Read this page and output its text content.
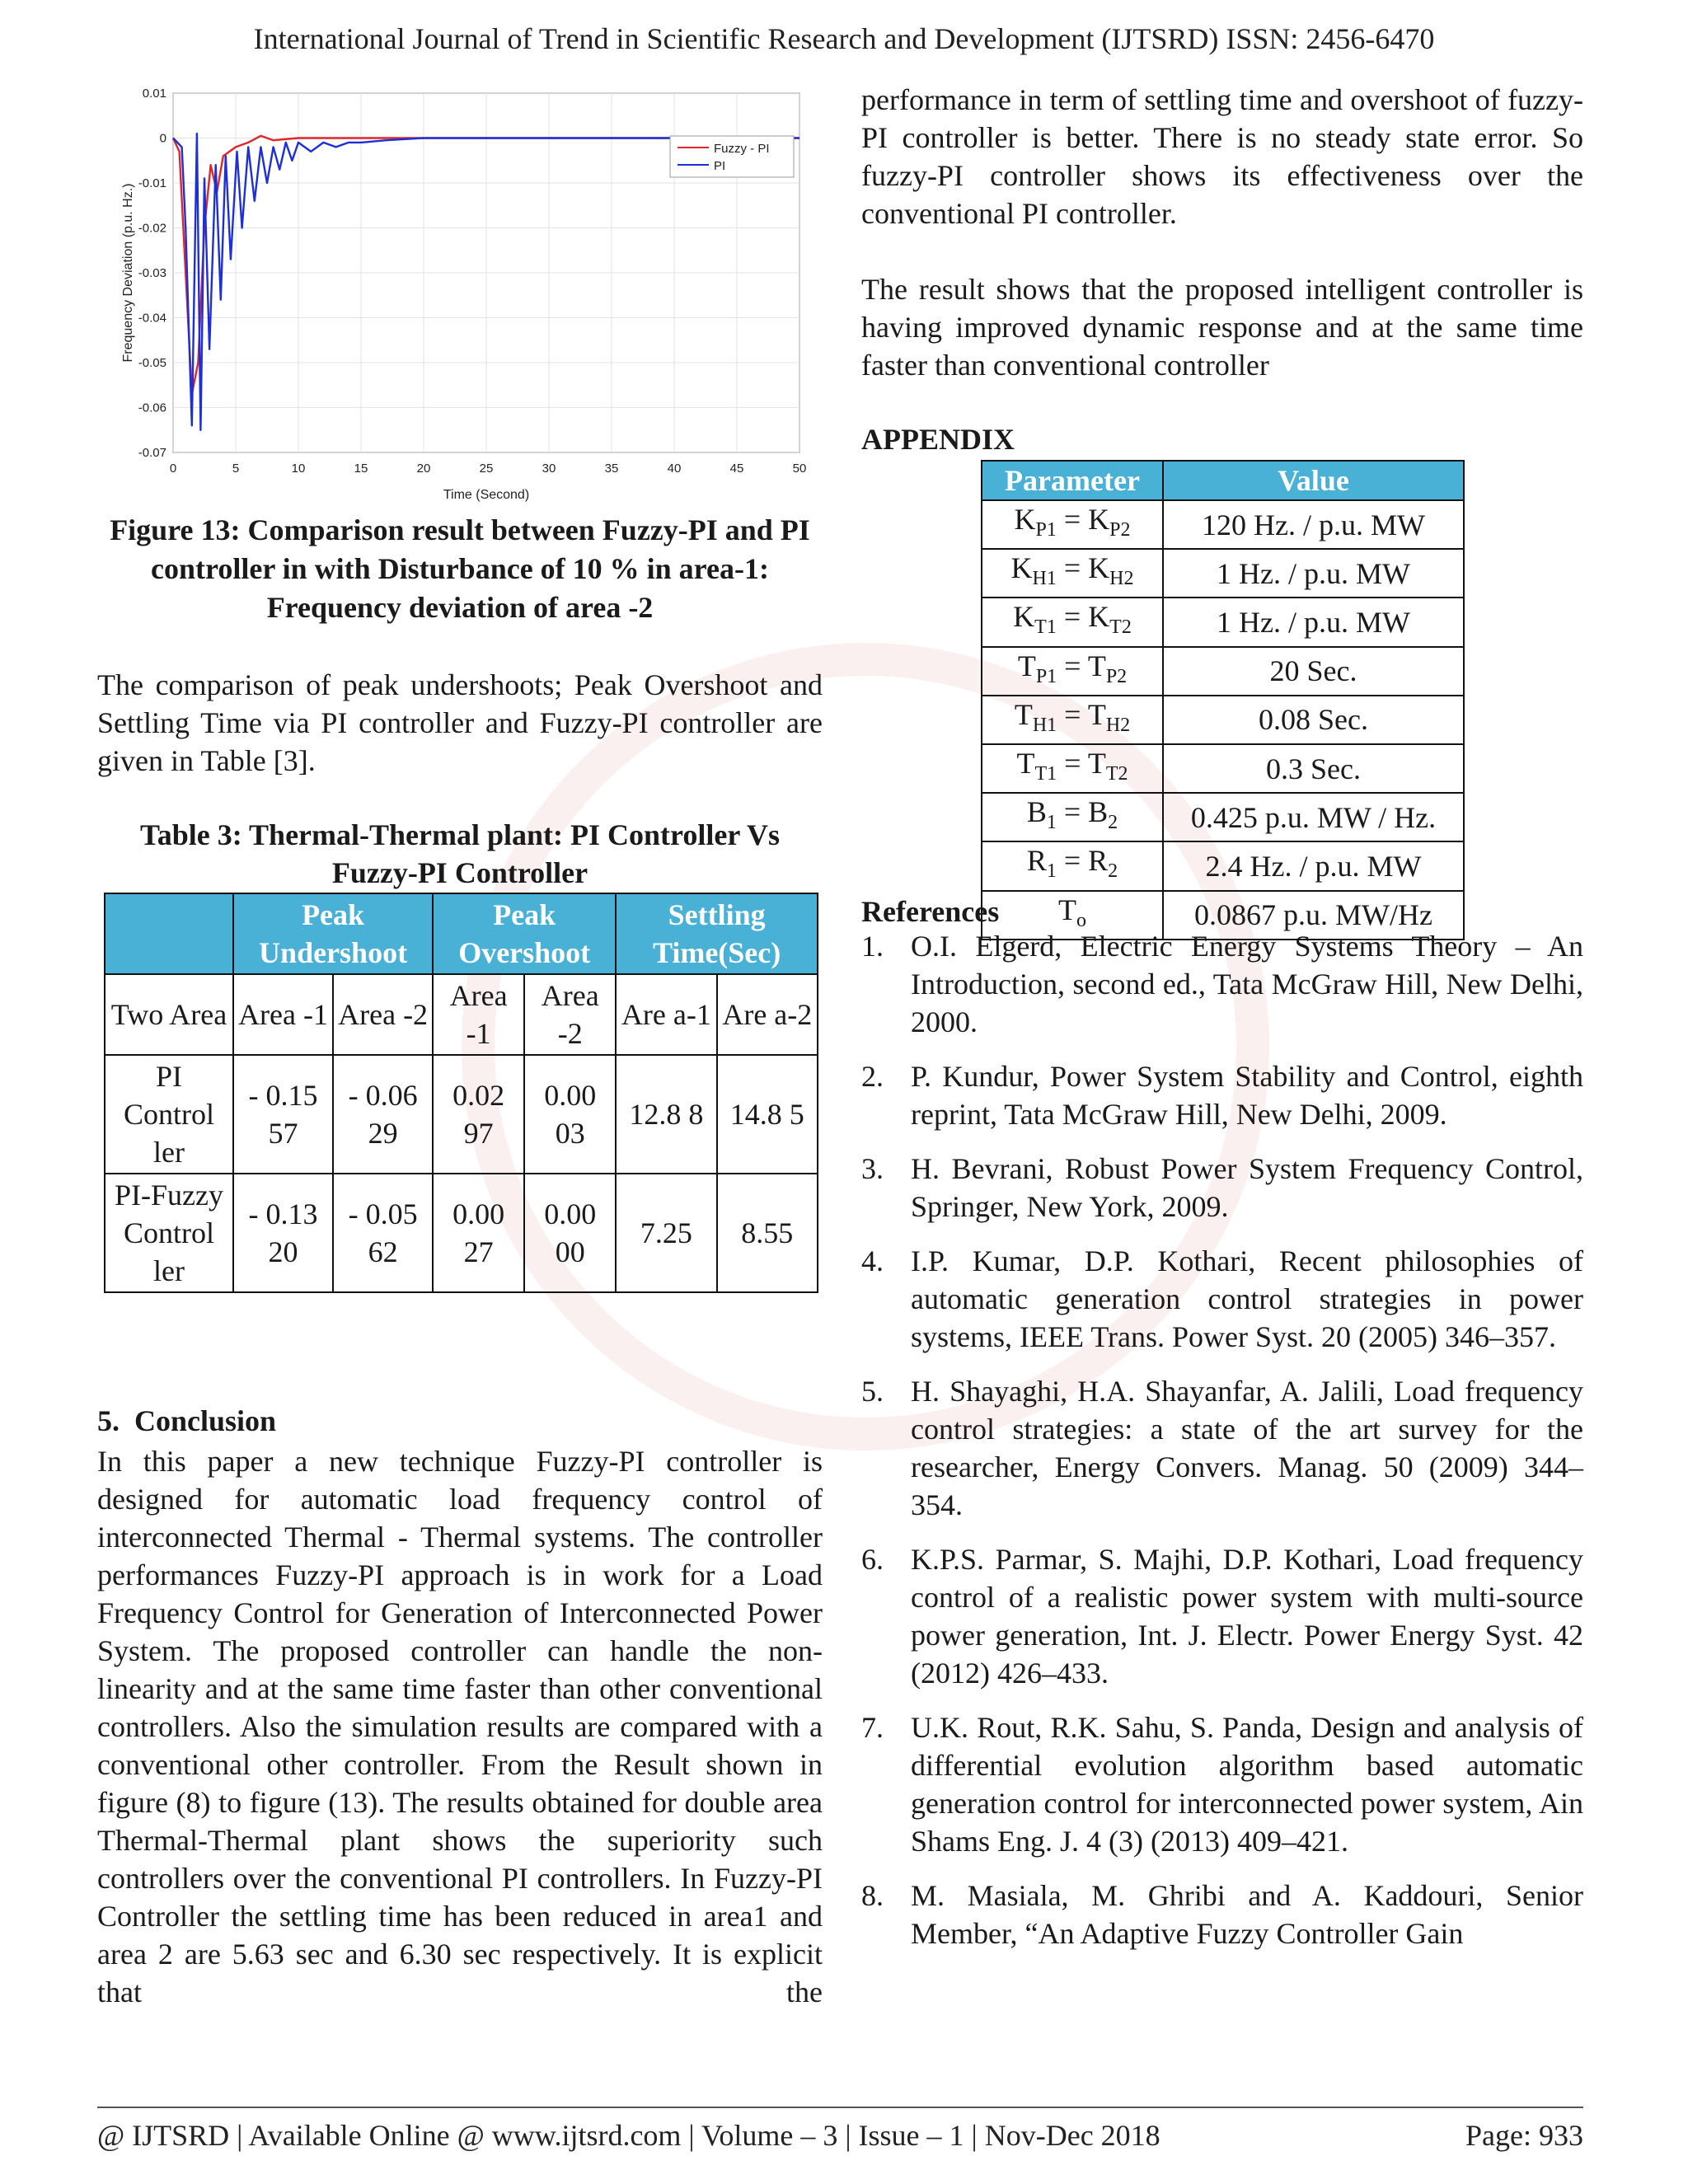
International Journal of Trend in Scientific Research and Development (IJTSRD) ISSN: 2456-6470
0.01
0
-0.01
-0.02
-0.03
-0.04
-0.05
-0.06
-0.07
0	5	10	15	20	25	30	35	40	45	50
Time (Second)
Frequency Deviation (p.u. Hz.)
Fuzzy - PI
PI
Figure 13: Comparison result between Fuzzy-PI and PI controller in with Disturbance of 10 % in area-1: Frequency deviation of area -2
The comparison of peak undershoots; Peak Overshoot and Settling Time via PI controller and Fuzzy-PI controller are given in Table [3].
Table 3: Thermal-Thermal plant: PI Controller Vs Fuzzy-PI Controller
	Peak Undershoot		Peak Overshoot		Settling Time(Sec)	
Two Area	Area -1	Area -2	Area -1	Area -2	Are a-1	Are a-2
PI Control ler	- 0.15 57	- 0.06 29	0.02 97	0.00 03	12.8 8	14.8 5
PI-Fuzzy Control ler	- 0.13 20	- 0.05 62	0.00 27	0.00 00	7.25	8.55
5.  Conclusion
In this paper a new technique Fuzzy-PI controller is designed for automatic load frequency control of interconnected Thermal - Thermal systems. The controller performances Fuzzy-PI approach is in work for a Load Frequency Control for Generation of Interconnected Power System. The proposed controller can handle the non-linearity and at the same time faster than other conventional controllers. Also the simulation results are compared with a conventional other controller. From the Result shown in figure (8) to figure (13). The results obtained for double area Thermal-Thermal plant shows the superiority such controllers over the conventional PI controllers. In Fuzzy-PI Controller the settling time has been reduced in area1 and area 2 are 5.63 sec and 6.30 sec respectively. It is explicit that the
performance in term of settling time and overshoot of fuzzy-PI controller is better. There is no steady state error. So fuzzy-PI controller shows its effectiveness over the conventional PI controller.
The result shows that the proposed intelligent controller is having improved dynamic response and at the same time faster than conventional controller
APPENDIX
Parameter	Value
$K_{P1} = K_{P2}$	120 Hz. / p.u. MW
$K_{H1} = K_{H2}$	1 Hz. / p.u. MW
$K_{T1} = K_{T2}$	1 Hz. / p.u. MW
$T_{P1} = T_{P2}$	20 Sec.
$T_{H1} = T_{H2}$	0.08 Sec.
$T_{T1} = T_{T2}$	0.3 Sec.
$B_1 = B_2$	0.425 p.u. MW / Hz.
$R_1 = R_2$	2.4 Hz. / p.u. MW
$T_o$	0.0867 p.u. MW/Hz
References
1. O.I. Elgerd, Electric Energy Systems Theory – An Introduction, second ed., Tata McGraw Hill, New Delhi, 2000.
2. P. Kundur, Power System Stability and Control, eighth reprint, Tata McGraw Hill, New Delhi, 2009.
3. H. Bevrani, Robust Power System Frequency Control, Springer, New York, 2009.
4. I.P. Kumar, D.P. Kothari, Recent philosophies of automatic generation control strategies in power systems, IEEE Trans. Power Syst. 20 (2005) 346–357.
5. H. Shayaghi, H.A. Shayanfar, A. Jalili, Load frequency control strategies: a state of the art survey for the researcher, Energy Convers. Manag. 50 (2009) 344–354.
6. K.P.S. Parmar, S. Majhi, D.P. Kothari, Load frequency control of a realistic power system with multi-source power generation, Int. J. Electr. Power Energy Syst. 42 (2012) 426–433.
7. U.K. Rout, R.K. Sahu, S. Panda, Design and analysis of differential evolution algorithm based automatic generation control for interconnected power system, Ain Shams Eng. J. 4 (3) (2013) 409–421.
8. M. Masiala, M. Ghribi and A. Kaddouri, Senior Member, “An Adaptive Fuzzy Controller Gain
@ IJTSRD | Available Online @ www.ijtsrd.com | Volume – 3 | Issue – 1 | Nov-Dec 2018	Page: 933
